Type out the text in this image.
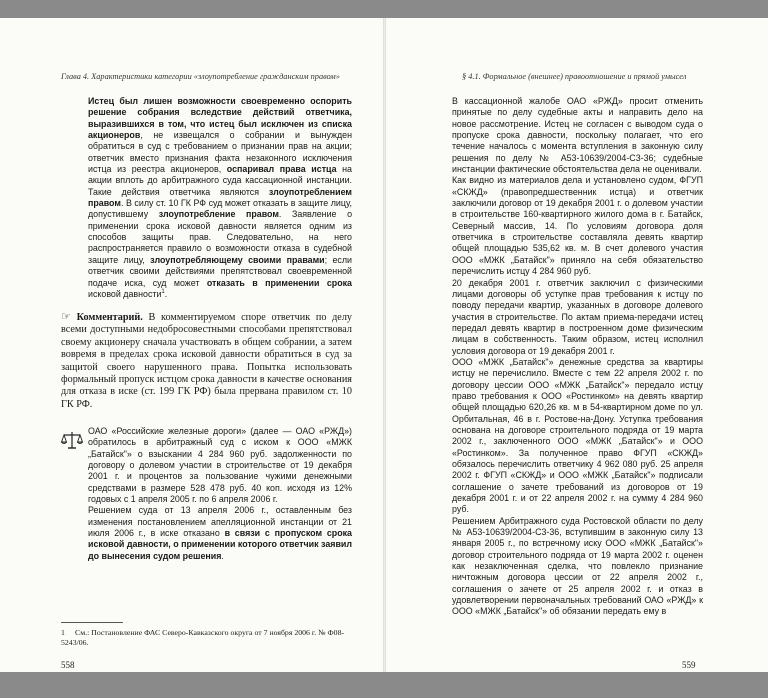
Глава 4. Характеристики категории «злоупотребление гражданским правом»

Истец был лишен возможности своевременно оспорить решение собрания вследствие действий ответчика, выразившихся в том, что истец был исключен из списка акционеров, не извещался о собрании и вынужден обратиться в суд с требованием о признании прав на акции; ответчик вместо признания факта незаконного исключения истца из реестра акционеров, оспаривал права истца на акции вплоть до арбитражного суда кассационной инстанции. Такие действия ответчика являются злоупотреблением правом. В силу ст. 10 ГК РФ суд может отказать в защите лицу, допустившему злоупотребление правом. Заявление о применении срока исковой давности является одним из способов защиты прав. Следовательно, на него распространяется правило о возможности отказа в судебной защите лицу, злоупотребляющему своими правами; если ответчик своими действиями препятствовал своевременной подаче иска, суд может отказать в применении срока исковой давности$^1$.

☞ Комментарий. В комментируемом споре ответчик по делу всеми доступными недобросовестными способами препятствовал своему акционеру сначала участвовать в общем собрании, а затем вовремя в пределах срока исковой давности обратиться в суд за защитой своего нарушенного права. Попытка использовать формальный пропуск истцом срока давности в качестве основания для отказа в иске (ст. 199 ГК РФ) была прервана правилом ст. 10 ГК РФ.

ОАО «Российские железные дороги» (далее — ОАО «РЖД») обратилось в арбитражный суд с иском к ООО «МЖК „Батайск"» о взыскании 4 284 960 руб. задолженности по договору о долевом участии в строительстве от 19 декабря 2001 г. и процентов за пользование чужими денежными средствами в размере 528 478 руб. 40 коп. исходя из 12% годовых с 1 апреля 2005 г. по 6 апреля 2006 г.

Решением суда от 13 апреля 2006 г., оставленным без изменения постановлением апелляционной инстанции от 21 июля 2006 г., в иске отказано в связи с пропуском срока исковой давности, о применении которого ответчик заявил до вынесения судом решения.

1 См.: Постановление ФАС Северо-Кавказского округа от 7 ноября 2006 г. № Ф08-5243/06.
558
§ 4.1. Формальное (внешнее) правоотношение и прямой умысел

В кассационной жалобе ОАО «РЖД» просит отменить принятые по делу судебные акты и направить дело на новое рассмотрение. Истец не согласен с выводом суда о пропуске срока давности, поскольку полагает, что его течение началось с момента вступления в законную силу решения по делу № А53-10639/2004-С3-36; судебные инстанции фактические обстоятельства дела не оценивали.

Как видно из материалов дела и установлено судом, ФГУП «СКЖД» (правопредшественник истца) и ответчик заключили договор от 19 декабря 2001 г. о долевом участии в строительстве 160-квартирного жилого дома в г. Батайск, Северный массив, 14. По условиям договора доля ответчика в строительстве составляла девять квартир общей площадью 535,62 кв. м. В счет долевого участия ООО «МЖК „Батайск"» приняло на себя обязательство перечислить истцу 4 284 960 руб.

20 декабря 2001 г. ответчик заключил с физическими лицами договоры об уступке прав требования к истцу по поводу передачи квартир, указанных в договоре долевого участия в строительстве. По актам приема-передачи истец передал девять квартир в построенном доме физическим лицам в собственность. Таким образом, истец исполнил условия договора от 19 декабря 2001 г.

ООО «МЖК „Батайск"» денежные средства за квартиры истцу не перечислило. Вместе с тем 22 апреля 2002 г. по договору цессии ООО «МЖК „Батайск"» передало истцу право требования к ООО «Ростинком» на девять квартир общей площадью 620,26 кв. м в 54-квартирном доме по ул. Орбитальная, 46 в г. Ростове-на-Дону. Уступка требования основана на договоре строительного подряда от 19 марта 2002 г., заключенного ООО «МЖК „Батайск"» и ООО «Ростинком». За полученное право ФГУП «СКЖД» обязалось перечислить ответчику 4 962 080 руб. 25 апреля 2002 г. ФГУП «СКЖД» и ООО «МЖК „Батайск"» подписали соглашение о зачете требований из договоров от 19 декабря 2001 г. и от 22 апреля 2002 г. на сумму 4 284 960 руб.

Решением Арбитражного суда Ростовской области по делу № А53-10639/2004-С3-36, вступившим в законную силу 13 января 2005 г., по встречному иску ООО «МЖК „Батайск"» договор строительного подряда от 19 марта 2002 г. оценен как незаключенная сделка, что повлекло признание ничтожным договора цессии от 22 апреля 2002 г., соглашения о зачете от 25 апреля 2002 г. и отказ в удовлетворении первоначальных требований ОАО «РЖД» к ООО «МЖК „Батайск"» об обязании передать ему в

559
